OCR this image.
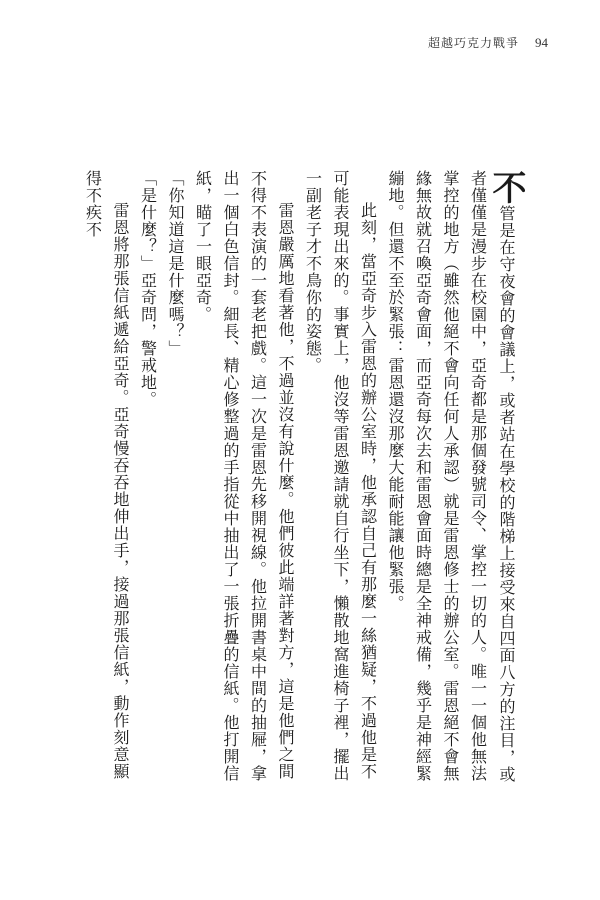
超越巧克力戰爭 94

不管是在守夜會的會議上，或者站在學校的階梯上接受來自四面八方的注目，或者僅僅是漫步在校園中，亞奇都是那個發號司令、掌控一切的人。唯一一個他無法掌控的地方（雖然他絕不會向任何人承認）就是雷恩修士的辦公室。雷恩絕不會無緣無故就召喚亞奇會面，而亞奇每次去和雷恩會面時總是全神戒備，幾乎是神經緊繃地。但還不至於緊張：雷恩還沒那麼大能耐能讓他緊張。

此刻，當亞奇步入雷恩的辦公室時，他承認自己有那麼一絲猶疑，不過他是不可能表現出來的。事實上，他沒等雷恩邀請就自行坐下，懶散地窩進椅子裡，擺出一副老子才不鳥你的姿態。

雷恩嚴厲地看著他，不過並沒有說什麼。他們彼此端詳著對方，這是他們之間不得不表演的一套老把戲。這一次是雷恩先移開視線。他拉開書桌中間的抽屜，拿出一個白色信封。細長、精心修整過的手指從中抽出了一張折疊的信紙。他打開信紙，瞄了一眼亞奇。

「你知道這是什麼嗎？」

「是什麼？」亞奇問，警戒地。

雷恩將那張信紙遞給亞奇。亞奇慢吞吞地伸出手，接過那張信紙，動作刻意顯得不疾不
